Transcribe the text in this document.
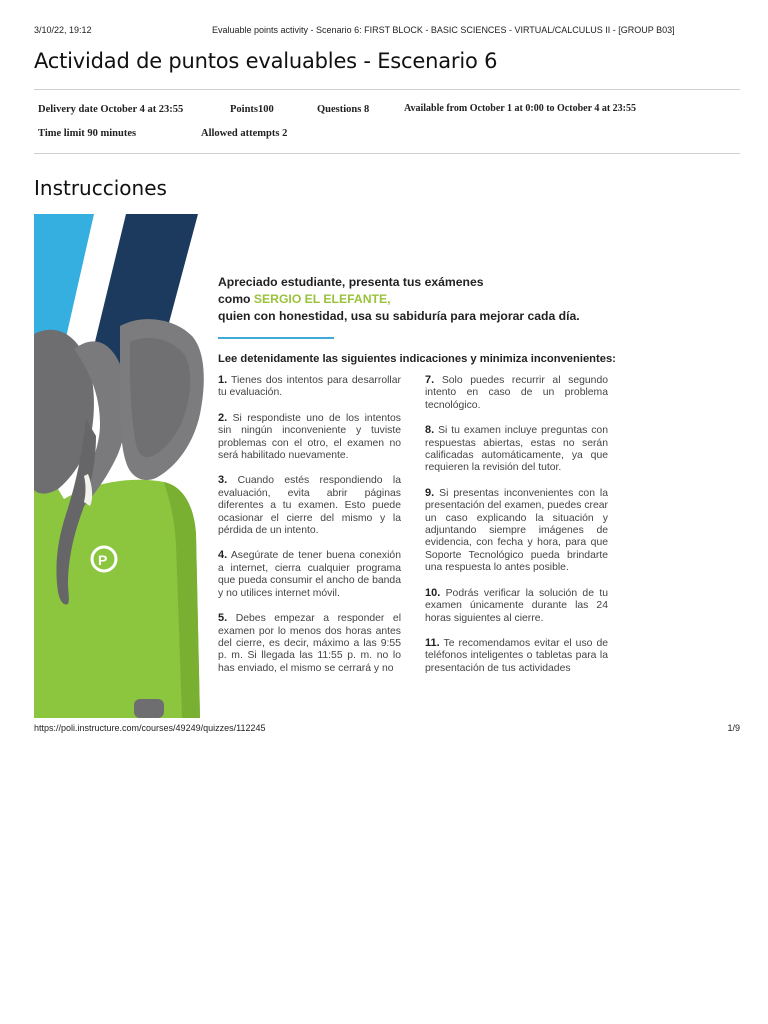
3/10/22, 19:12	Evaluable points activity - Scenario 6: FIRST BLOCK - BASIC SCIENCES - VIRTUAL/CALCULUS II - [GROUP B03]
Actividad de puntos evaluables - Escenario 6
Delivery date October 4 at 23:55	Points100	Questions 8	Available from October 1 at 0:00 to October 4 at 23:55
Time limit 90 minutes	Allowed attempts 2
Instrucciones
P
Apreciado estudiante, presenta tus exámenes
como SERGIO EL ELEFANTE,
quien con honestidad, usa su sabiduría para mejorar cada día.
Lee detenidamente las siguientes indicaciones y minimiza inconvenientes:
1. Tienes dos intentos para desarrollar tu evaluación.
2. Si respondiste uno de los intentos sin ningún inconveniente y tuviste problemas con el otro, el examen no será habilitado nuevamente.
3. Cuando estés respondiendo la evaluación, evita abrir páginas diferentes a tu examen. Esto puede ocasionar el cierre del mismo y la pérdida de un intento.
4. Asegúrate de tener buena conexión a internet, cierra cualquier programa que pueda consumir el ancho de banda y no utilices internet móvil.
5. Debes empezar a responder el examen por lo menos dos horas antes del cierre, es decir, máximo a las 9:55 p. m. Si llegada las 11:55 p. m. no lo has enviado, el mismo se cerrará y no
7. Solo puedes recurrir al segundo intento en caso de un problema tecnológico.
8. Si tu examen incluye preguntas con respuestas abiertas, estas no serán calificadas automáticamente, ya que requieren la revisión del tutor.
9. Si presentas inconvenientes con la presentación del examen, puedes crear un caso explicando la situación y adjuntando siempre imágenes de evidencia, con fecha y hora, para que Soporte Tecnológico pueda brindarte una respuesta lo antes posible.
10. Podrás verificar la solución de tu examen únicamente durante las 24 horas siguientes al cierre.
11. Te recomendamos evitar el uso de teléfonos inteligentes o tabletas para la presentación de tus actividades
https://poli.instructure.com/courses/49249/quizzes/112245	1/9
